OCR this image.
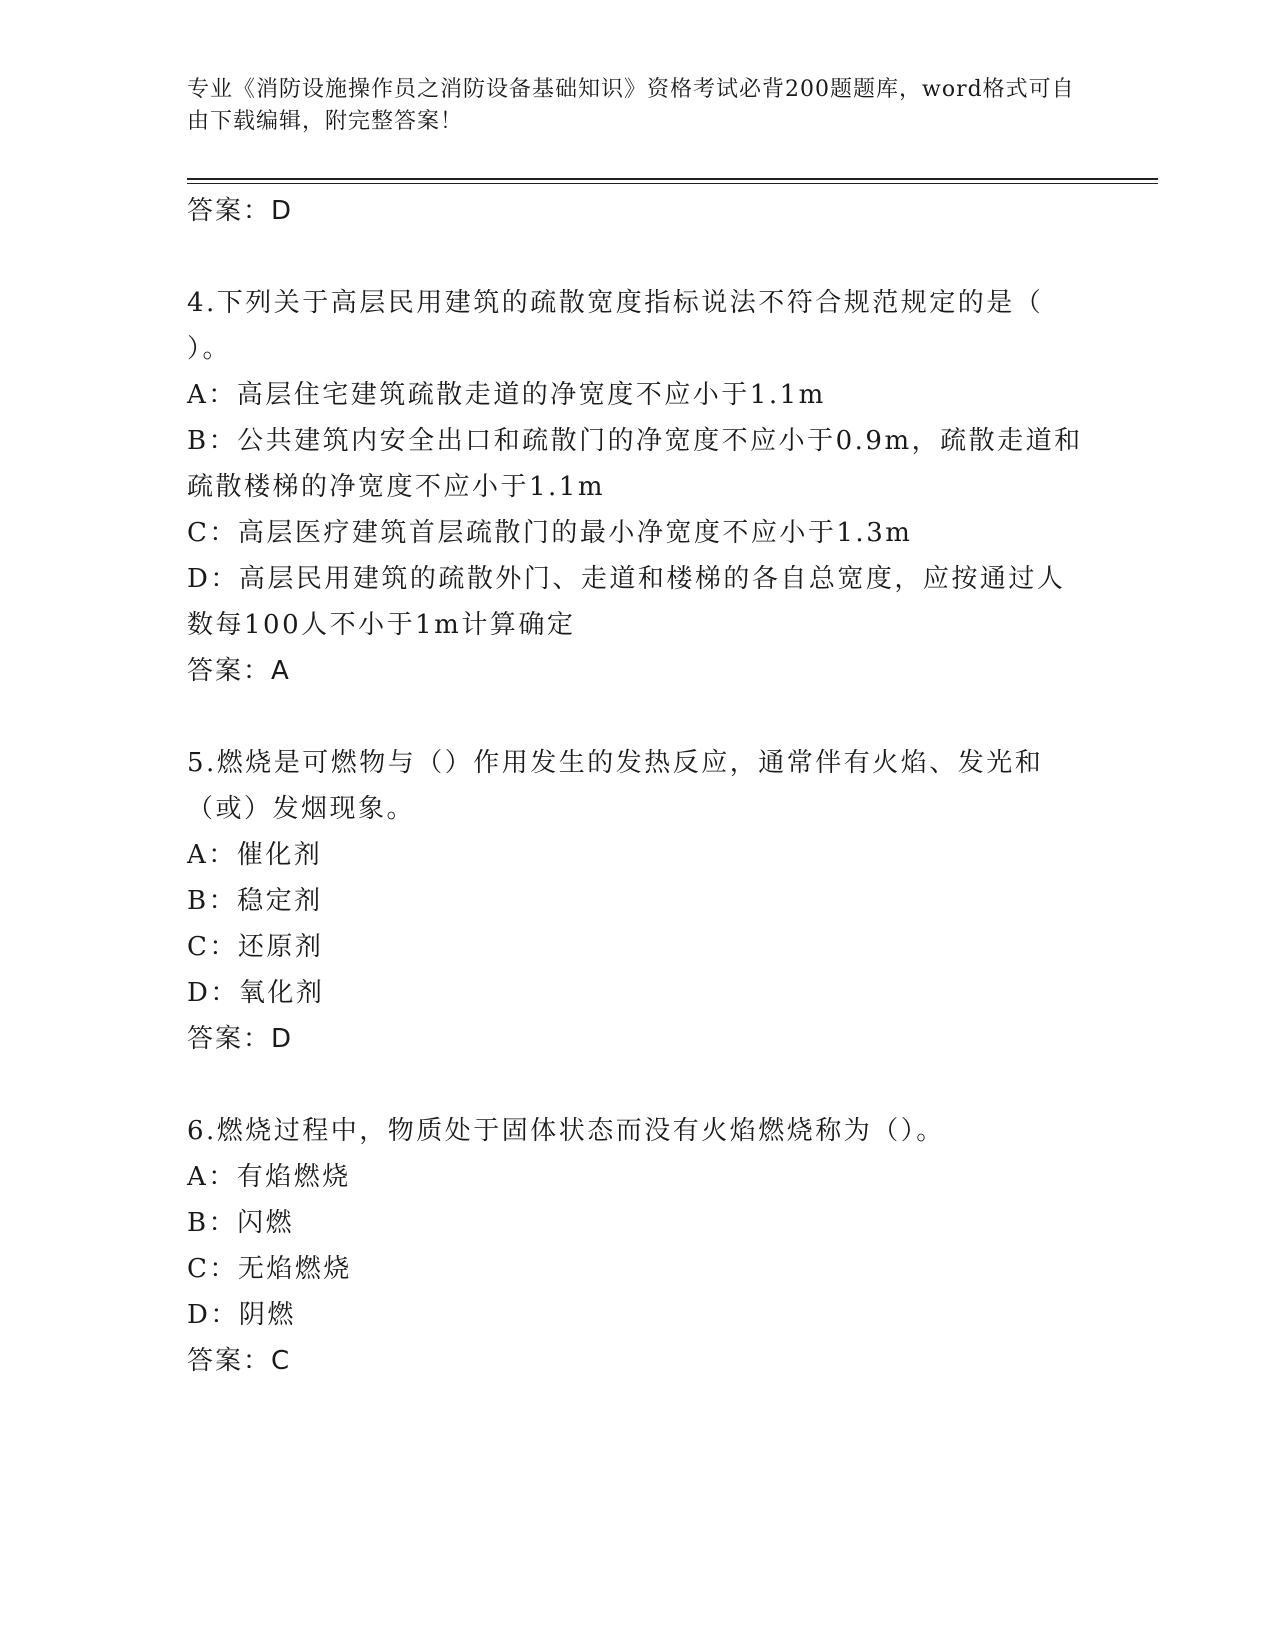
专业《消防设施操作员之消防设备基础知识》资格考试必背200题题库，word格式可自由下载编辑，附完整答案！

答案：D

4.下列关于高层民用建筑的疏散宽度指标说法不符合规范规定的是（ ）。

A：高层住宅建筑疏散走道的净宽度不应小于1.1m

B：公共建筑内安全出口和疏散门的净宽度不应小于0.9m，疏散走道和疏散楼梯的净宽度不应小于1.1m

C：高层医疗建筑首层疏散门的最小净宽度不应小于1.3m

D：高层民用建筑的疏散外门、走道和楼梯的各自总宽度，应按通过人数每100人不小于1m计算确定

答案：A

5.燃烧是可燃物与（）作用发生的发热反应，通常伴有火焰、发光和（或）发烟现象。

A：催化剂

B：稳定剂

C：还原剂

D：氧化剂

答案：D

6.燃烧过程中，物质处于固体状态而没有火焰燃烧称为（）。

A：有焰燃烧

B：闪燃

C：无焰燃烧

D：阴燃

答案：C
